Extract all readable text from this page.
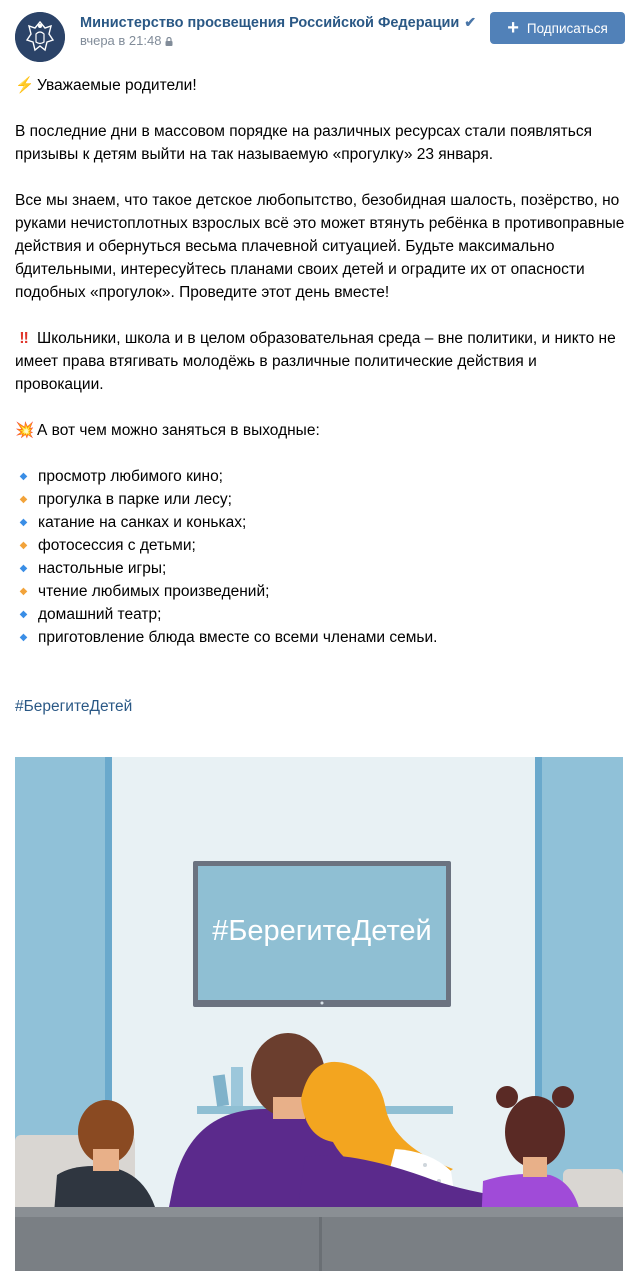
Министерство просвещения Российской Федерации ✔
вчера в 21:48
+ Подписаться

⚡ Уважаемые родители!

В последние дни в массовом порядке на различных ресурсах стали появляться призывы к детям выйти на так называемую «прогулку» 23 января.

Все мы знаем, что такое детское любопытство, безобидная шалость, позёрство, но руками нечистоплотных взрослых всё это может втянуть ребёнка в противоправные действия и обернуться весьма плачевной ситуацией. Будьте максимально бдительными, интересуйтесь планами своих детей и оградите их от опасности подобных «прогулок». Проведите этот день вместе!

‼ Школьники, школа и в целом образовательная среда – вне политики, и никто не имеет права втягивать молодёжь в различные политические действия и провокации.

💥 А вот чем можно заняться в выходные:

◆ просмотр любимого кино;
◆ прогулка в парке или лесу;
◆ катание на санках и коньках;
◆ фотосессия с детьми;
◆ настольные игры;
◆ чтение любимых произведений;
◆ домашний театр;
◆ приготовление блюда вместе со всеми членами семьи.

#БерегитеДетей

#БерегитеДетей
